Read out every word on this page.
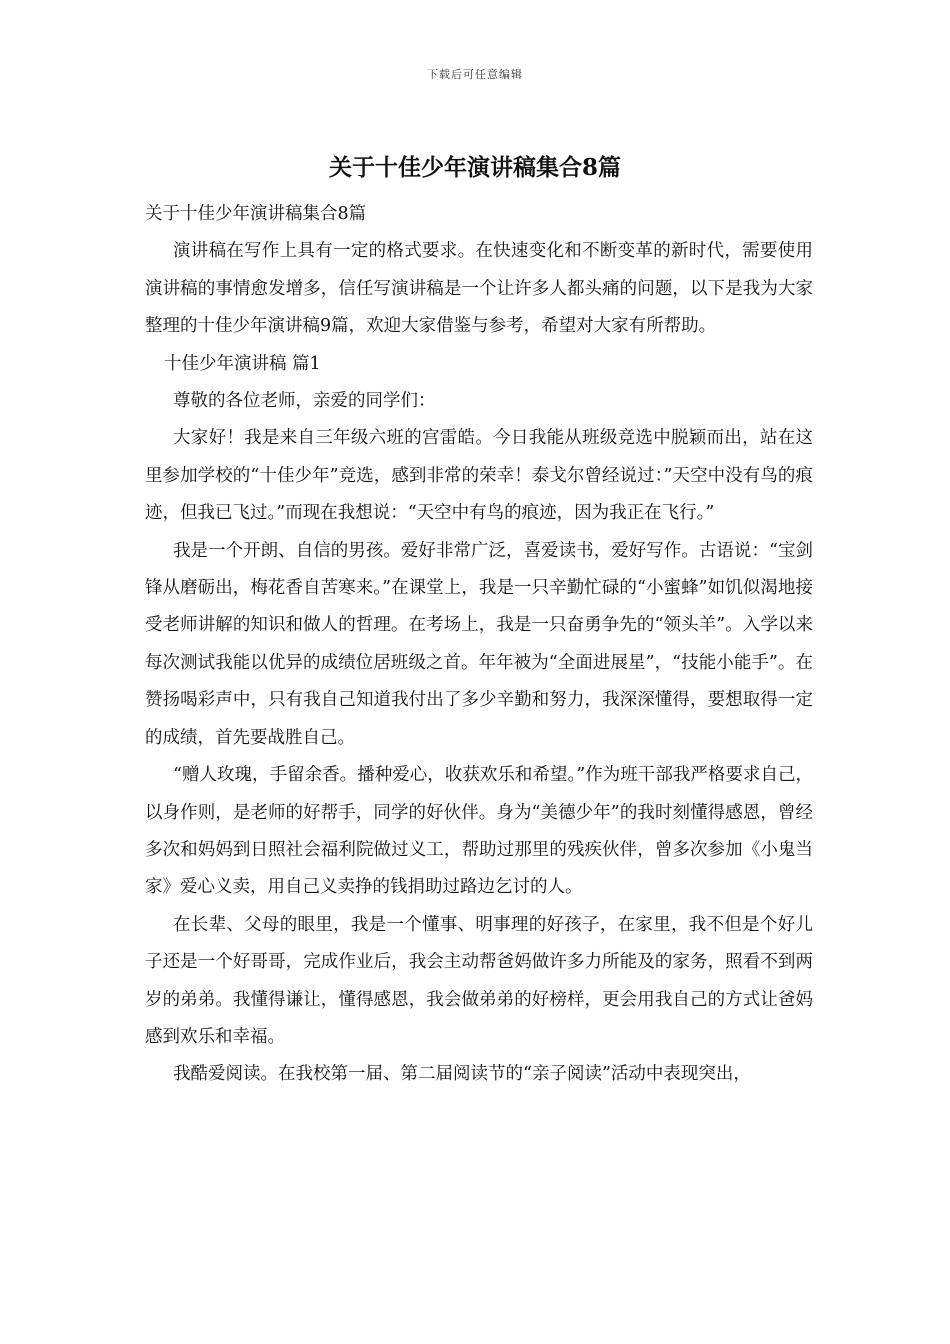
下载后可任意编辑
关于十佳少年演讲稿集合8篇

关于十佳少年演讲稿集合8篇

演讲稿在写作上具有一定的格式要求。在快速变化和不断变革的新时代，需要使用演讲稿的事情愈发增多，信任写演讲稿是一个让许多人都头痛的问题，以下是我为大家整理的十佳少年演讲稿9篇，欢迎大家借鉴与参考，希望对大家有所帮助。

十佳少年演讲稿 篇1

尊敬的各位老师，亲爱的同学们：

大家好！我是来自三年级六班的宫雷皓。今日我能从班级竞选中脱颖而出，站在这里参加学校的“十佳少年”竞选，感到非常的荣幸！泰戈尔曾经说过：”天空中没有鸟的痕迹，但我已飞过。”而现在我想说：“天空中有鸟的痕迹，因为我正在飞行。”

我是一个开朗、自信的男孩。爱好非常广泛，喜爱读书，爱好写作。古语说：“宝剑锋从磨砺出，梅花香自苦寒来。”在课堂上，我是一只辛勤忙碌的“小蜜蜂”如饥似渴地接受老师讲解的知识和做人的哲理。在考场上，我是一只奋勇争先的“领头羊”。入学以来每次测试我能以优异的成绩位居班级之首。年年被为“全面进展星”，“技能小能手”。在赞扬喝彩声中，只有我自己知道我付出了多少辛勤和努力，我深深懂得，要想取得一定的成绩，首先要战胜自己。

“赠人玫瑰，手留余香。播种爱心，收获欢乐和希望。”作为班干部我严格要求自己，以身作则，是老师的好帮手，同学的好伙伴。身为“美德少年”的我时刻懂得感恩，曾经多次和妈妈到日照社会福利院做过义工，帮助过那里的残疾伙伴，曾多次参加《小鬼当家》爱心义卖，用自己义卖挣的钱捐助过路边乞讨的人。

在长辈、父母的眼里，我是一个懂事、明事理的好孩子，在家里，我不但是个好儿子还是一个好哥哥，完成作业后，我会主动帮爸妈做许多力所能及的家务，照看不到两岁的弟弟。我懂得谦让，懂得感恩，我会做弟弟的好榜样，更会用我自己的方式让爸妈感到欢乐和幸福。

我酷爱阅读。在我校第一届、第二届阅读节的“亲子阅读”活动中表现突出，
